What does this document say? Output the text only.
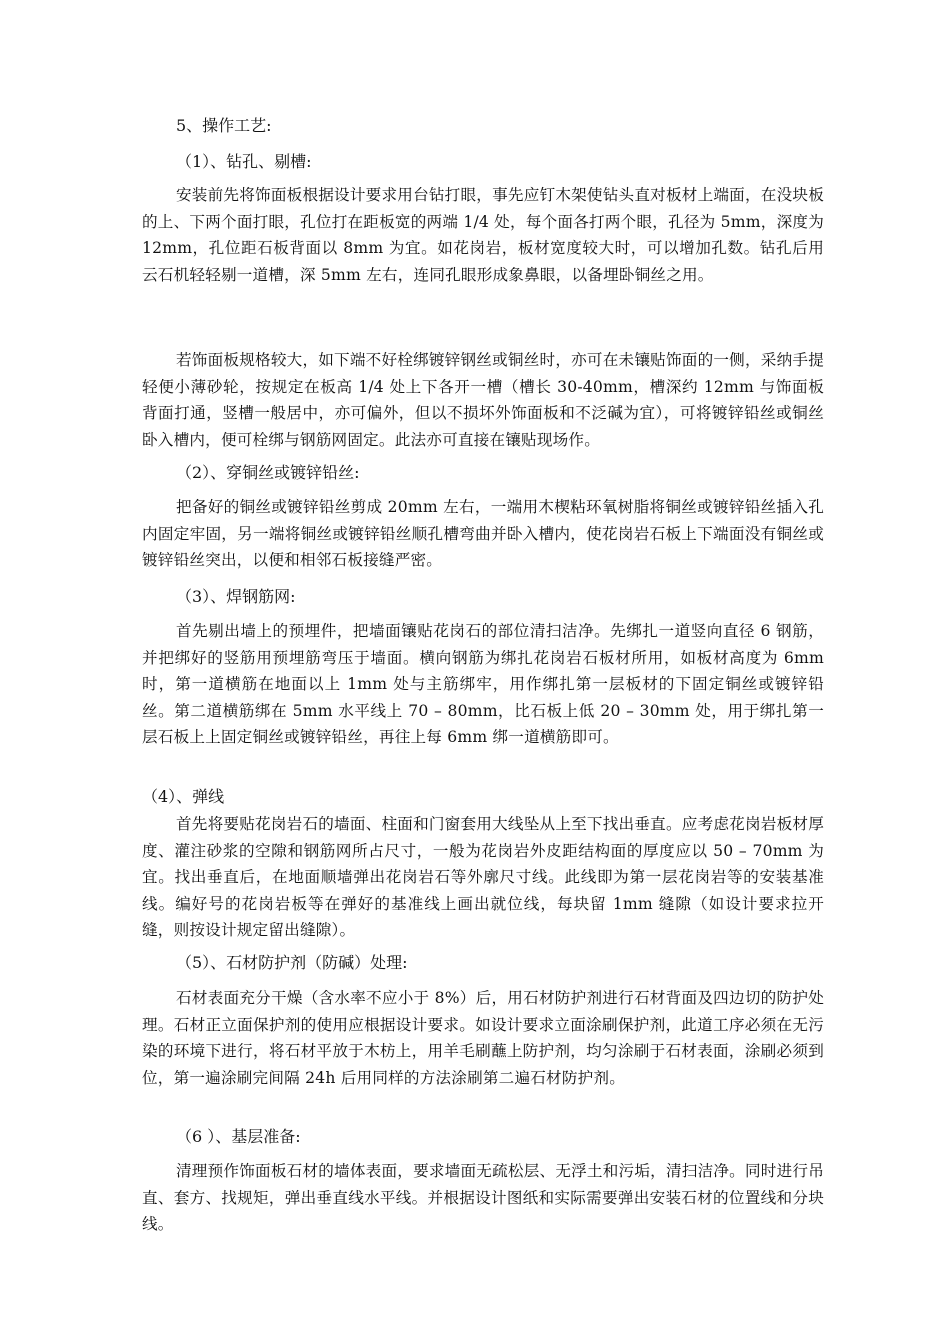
5、操作工艺:
（1）、钻孔、剔槽:
安装前先将饰面板根据设计要求用台钻打眼，事先应钉木架使钻头直对板材上端面，在没块板的上、下两个面打眼，孔位打在距板宽的两端 1/4 处，每个面各打两个眼，孔径为 5mm，深度为 12mm，孔位距石板背面以 8mm 为宜。如花岗岩，板材宽度较大时，可以增加孔数。钻孔后用云石机轻轻剔一道槽，深 5mm 左右，连同孔眼形成象鼻眼，以备埋卧铜丝之用。
若饰面板规格较大，如下端不好栓绑镀锌钢丝或铜丝时，亦可在未镶贴饰面的一侧，采纳手提轻便小薄砂轮，按规定在板高 1/4 处上下各开一槽（槽长 30-40mm，槽深约 12mm 与饰面板背面打通，竖槽一般居中，亦可偏外，但以不损坏外饰面板和不泛碱为宜），可将镀锌铅丝或铜丝卧入槽内，便可栓绑与钢筋网固定。此法亦可直接在镶贴现场作。
（2）、穿铜丝或镀锌铅丝:
把备好的铜丝或镀锌铅丝剪成 20mm 左右，一端用木楔粘环氧树脂将铜丝或镀锌铅丝插入孔内固定牢固，另一端将铜丝或镀锌铅丝顺孔槽弯曲并卧入槽内，使花岗岩石板上下端面没有铜丝或镀锌铅丝突出，以便和相邻石板接缝严密。
（3）、焊钢筋网:
首先剔出墙上的预埋件，把墙面镶贴花岗石的部位清扫洁净。先绑扎一道竖向直径 6 钢筋，并把绑好的竖筋用预埋筋弯压于墙面。横向钢筋为绑扎花岗岩石板材所用，如板材高度为 6mm 时，第一道横筋在地面以上 1mm 处与主筋绑牢，用作绑扎第一层板材的下固定铜丝或镀锌铅丝。第二道横筋绑在 5mm 水平线上 70 – 80mm，比石板上低 20 – 30mm 处，用于绑扎第一层石板上上固定铜丝或镀锌铅丝，再往上每 6mm 绑一道横筋即可。
（4）、弹线
首先将要贴花岗岩石的墙面、柱面和门窗套用大线坠从上至下找出垂直。应考虑花岗岩板材厚度、灌注砂浆的空隙和钢筋网所占尺寸，一般为花岗岩外皮距结构面的厚度应以 50 – 70mm 为宜。找出垂直后，在地面顺墙弹出花岗岩石等外廓尺寸线。此线即为第一层花岗岩等的安装基准线。编好号的花岗岩板等在弹好的基准线上画出就位线，每块留 1mm 缝隙（如设计要求拉开缝，则按设计规定留出缝隙）。
（5）、石材防护剂（防碱）处理:
石材表面充分干燥（含水率不应小于 8%）后，用石材防护剂进行石材背面及四边切的防护处理。石材正立面保护剂的使用应根据设计要求。如设计要求立面涂刷保护剂，此道工序必须在无污染的环境下进行，将石材平放于木枋上，用羊毛刷蘸上防护剂，均匀涂刷于石材表面，涂刷必须到位，第一遍涂刷完间隔 24h 后用同样的方法涂刷第二遍石材防护剂。
（6 ）、基层准备:
清理预作饰面板石材的墙体表面，要求墙面无疏松层、无浮土和污垢，清扫洁净。同时进行吊直、套方、找规矩，弹出垂直线水平线。并根据设计图纸和实际需要弹出安装石材的位置线和分块线。
